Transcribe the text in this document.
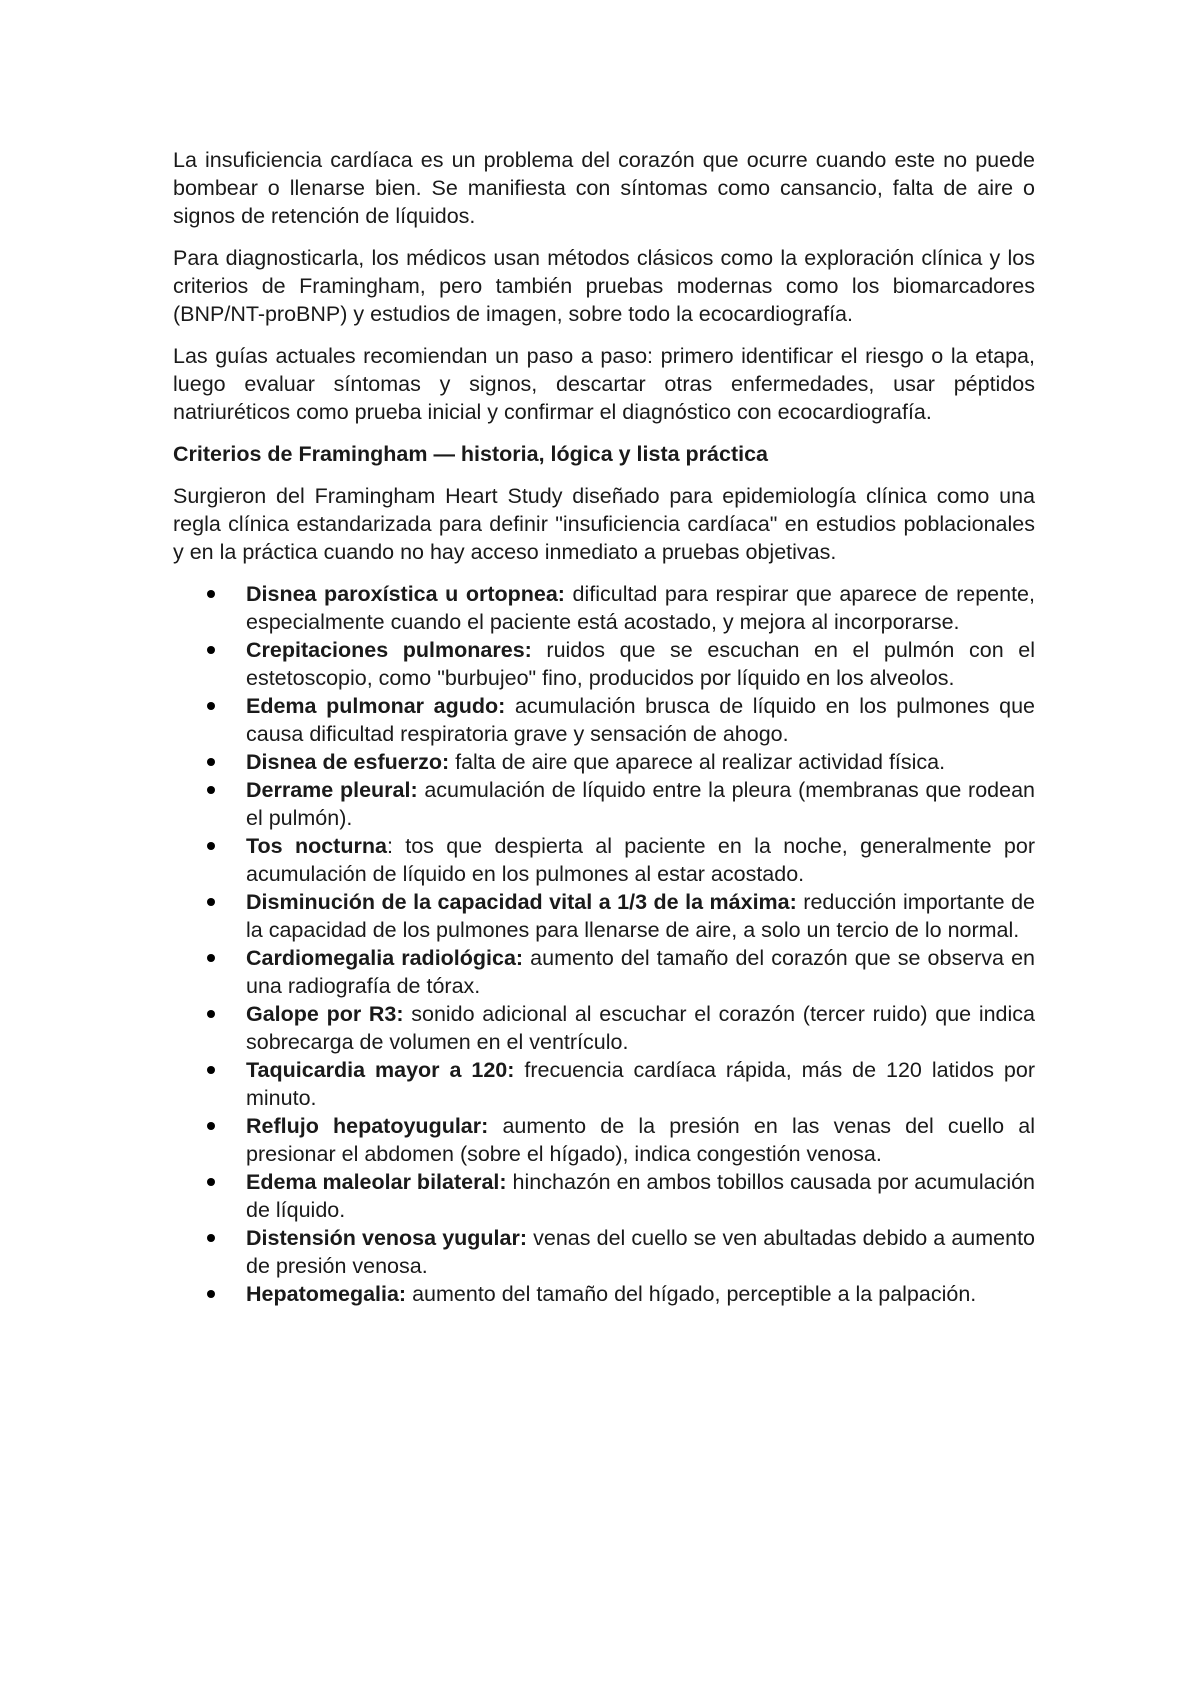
La insuficiencia cardíaca es un problema del corazón que ocurre cuando este no puede bombear o llenarse bien. Se manifiesta con síntomas como cansancio, falta de aire o signos de retención de líquidos.

Para diagnosticarla, los médicos usan métodos clásicos como la exploración clínica y los criterios de Framingham, pero también pruebas modernas como los biomarcadores (BNP/NT-proBNP) y estudios de imagen, sobre todo la ecocardiografía.

Las guías actuales recomiendan un paso a paso: primero identificar el riesgo o la etapa, luego evaluar síntomas y signos, descartar otras enfermedades, usar péptidos natriuréticos como prueba inicial y confirmar el diagnóstico con ecocardiografía.

Criterios de Framingham — historia, lógica y lista práctica

Surgieron del Framingham Heart Study diseñado para epidemiología clínica como una regla clínica estandarizada para definir "insuficiencia cardíaca" en estudios poblacionales y en la práctica cuando no hay acceso inmediato a pruebas objetivas.

Disnea paroxística u ortopnea: dificultad para respirar que aparece de repente, especialmente cuando el paciente está acostado, y mejora al incorporarse.
Crepitaciones pulmonares: ruidos que se escuchan en el pulmón con el estetoscopio, como "burbujeo" fino, producidos por líquido en los alveolos.
Edema pulmonar agudo: acumulación brusca de líquido en los pulmones que causa dificultad respiratoria grave y sensación de ahogo.
Disnea de esfuerzo: falta de aire que aparece al realizar actividad física.
Derrame pleural: acumulación de líquido entre la pleura (membranas que rodean el pulmón).
Tos nocturna: tos que despierta al paciente en la noche, generalmente por acumulación de líquido en los pulmones al estar acostado.
Disminución de la capacidad vital a 1/3 de la máxima: reducción importante de la capacidad de los pulmones para llenarse de aire, a solo un tercio de lo normal.
Cardiomegalia radiológica: aumento del tamaño del corazón que se observa en una radiografía de tórax.
Galope por R3: sonido adicional al escuchar el corazón (tercer ruido) que indica sobrecarga de volumen en el ventrículo.
Taquicardia mayor a 120: frecuencia cardíaca rápida, más de 120 latidos por minuto.
Reflujo hepatoyugular: aumento de la presión en las venas del cuello al presionar el abdomen (sobre el hígado), indica congestión venosa.
Edema maleolar bilateral: hinchazón en ambos tobillos causada por acumulación de líquido.
Distensión venosa yugular: venas del cuello se ven abultadas debido a aumento de presión venosa.
Hepatomegalia: aumento del tamaño del hígado, perceptible a la palpación.
